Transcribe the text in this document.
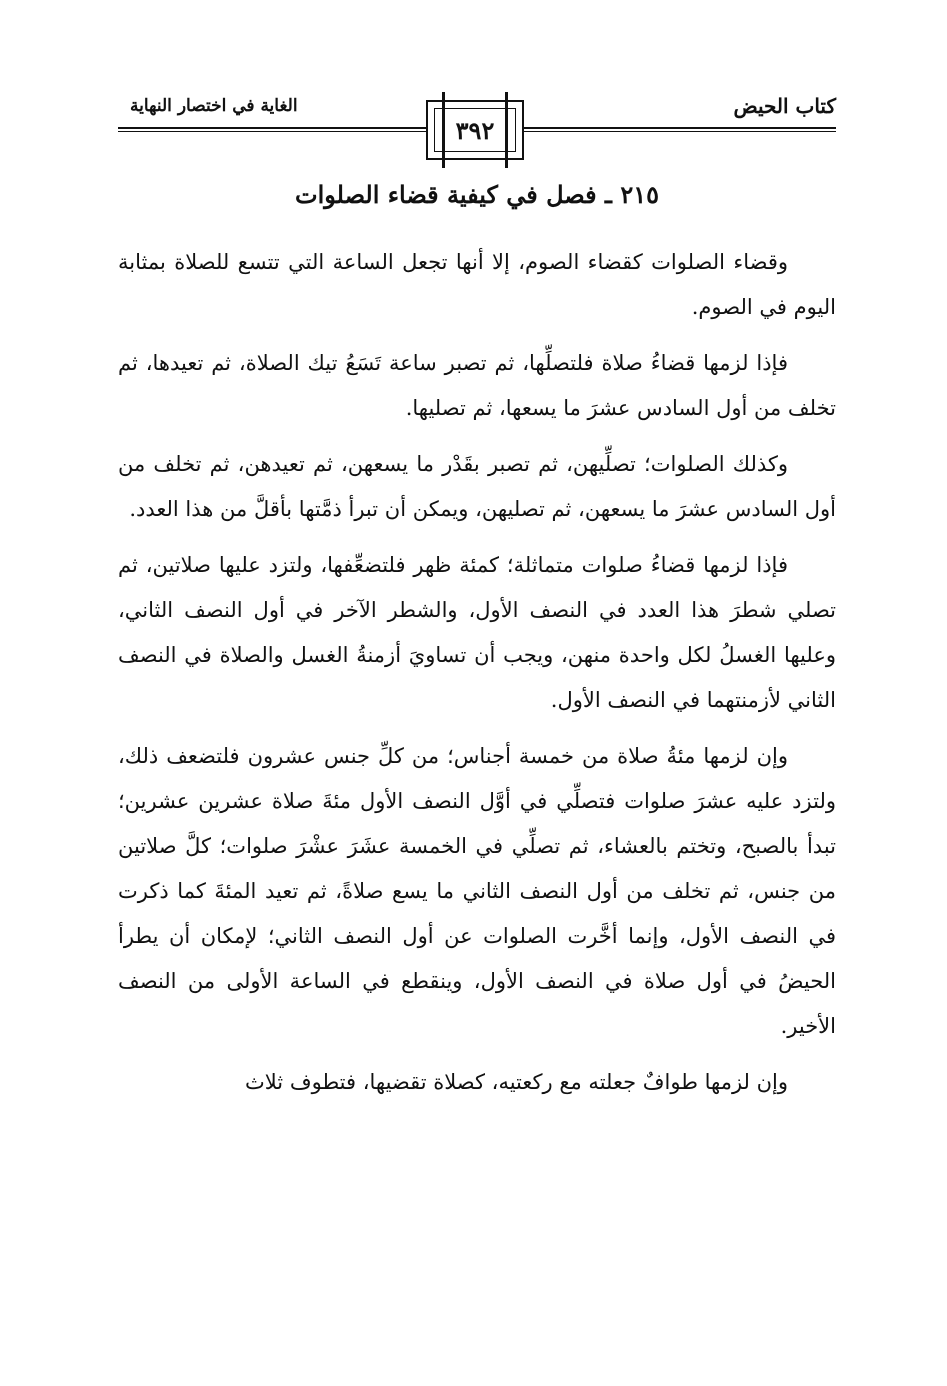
كتاب الحيض
الغاية في اختصار النهاية
٣٩٢
٢١٥ ـ فصل في كيفية قضاء الصلوات

وقضاء الصلوات كقضاء الصوم، إلا أنها تجعل الساعة التي تتسع للصلاة بمثابة اليوم في الصوم.

فإذا لزمها قضاءُ صلاة فلتصلِّها، ثم تصبر ساعة تَسَعُ تيك الصلاة، ثم تعيدها، ثم تخلف من أول السادس عشرَ ما يسعها، ثم تصليها.

وكذلك الصلوات؛ تصلِّيهن، ثم تصبر بقَدْر ما يسعهن، ثم تعيدهن، ثم تخلف من أول السادس عشرَ ما يسعهن، ثم تصليهن، ويمكن أن تبرأ ذمَّتها بأقلَّ من هذا العدد.

فإذا لزمها قضاءُ صلوات متماثلة؛ كمئة ظهر فلتضعِّفها، ولتزد عليها صلاتين، ثم تصلي شطرَ هذا العدد في النصف الأول، والشطر الآخر في أول النصف الثاني، وعليها الغسلُ لكل واحدة منهن، ويجب أن تساويَ أزمنةُ الغسل والصلاة في النصف الثاني لأزمنتهما في النصف الأول.

وإن لزمها مئةُ صلاة من خمسة أجناس؛ من كلِّ جنس عشرون فلتضعف ذلك، ولتزد عليه عشرَ صلوات فتصلِّي في أوَّل النصف الأول مئةَ صلاة عشرين عشرين؛ تبدأ بالصبح، وتختم بالعشاء، ثم تصلِّي في الخمسة عشَرَ عشْرَ صلوات؛ كلَّ صلاتين من جنس، ثم تخلف من أول النصف الثاني ما يسع صلاةً، ثم تعيد المئةَ كما ذكرت في النصف الأول، وإنما أخَّرت الصلوات عن أول النصف الثاني؛ لإمكان أن يطرأ الحيضُ في أول صلاة في النصف الأول، وينقطع في الساعة الأولى من النصف الأخير.

وإن لزمها طوافٌ جعلته مع ركعتيه، كصلاة تقضيها، فتطوف ثلاث
